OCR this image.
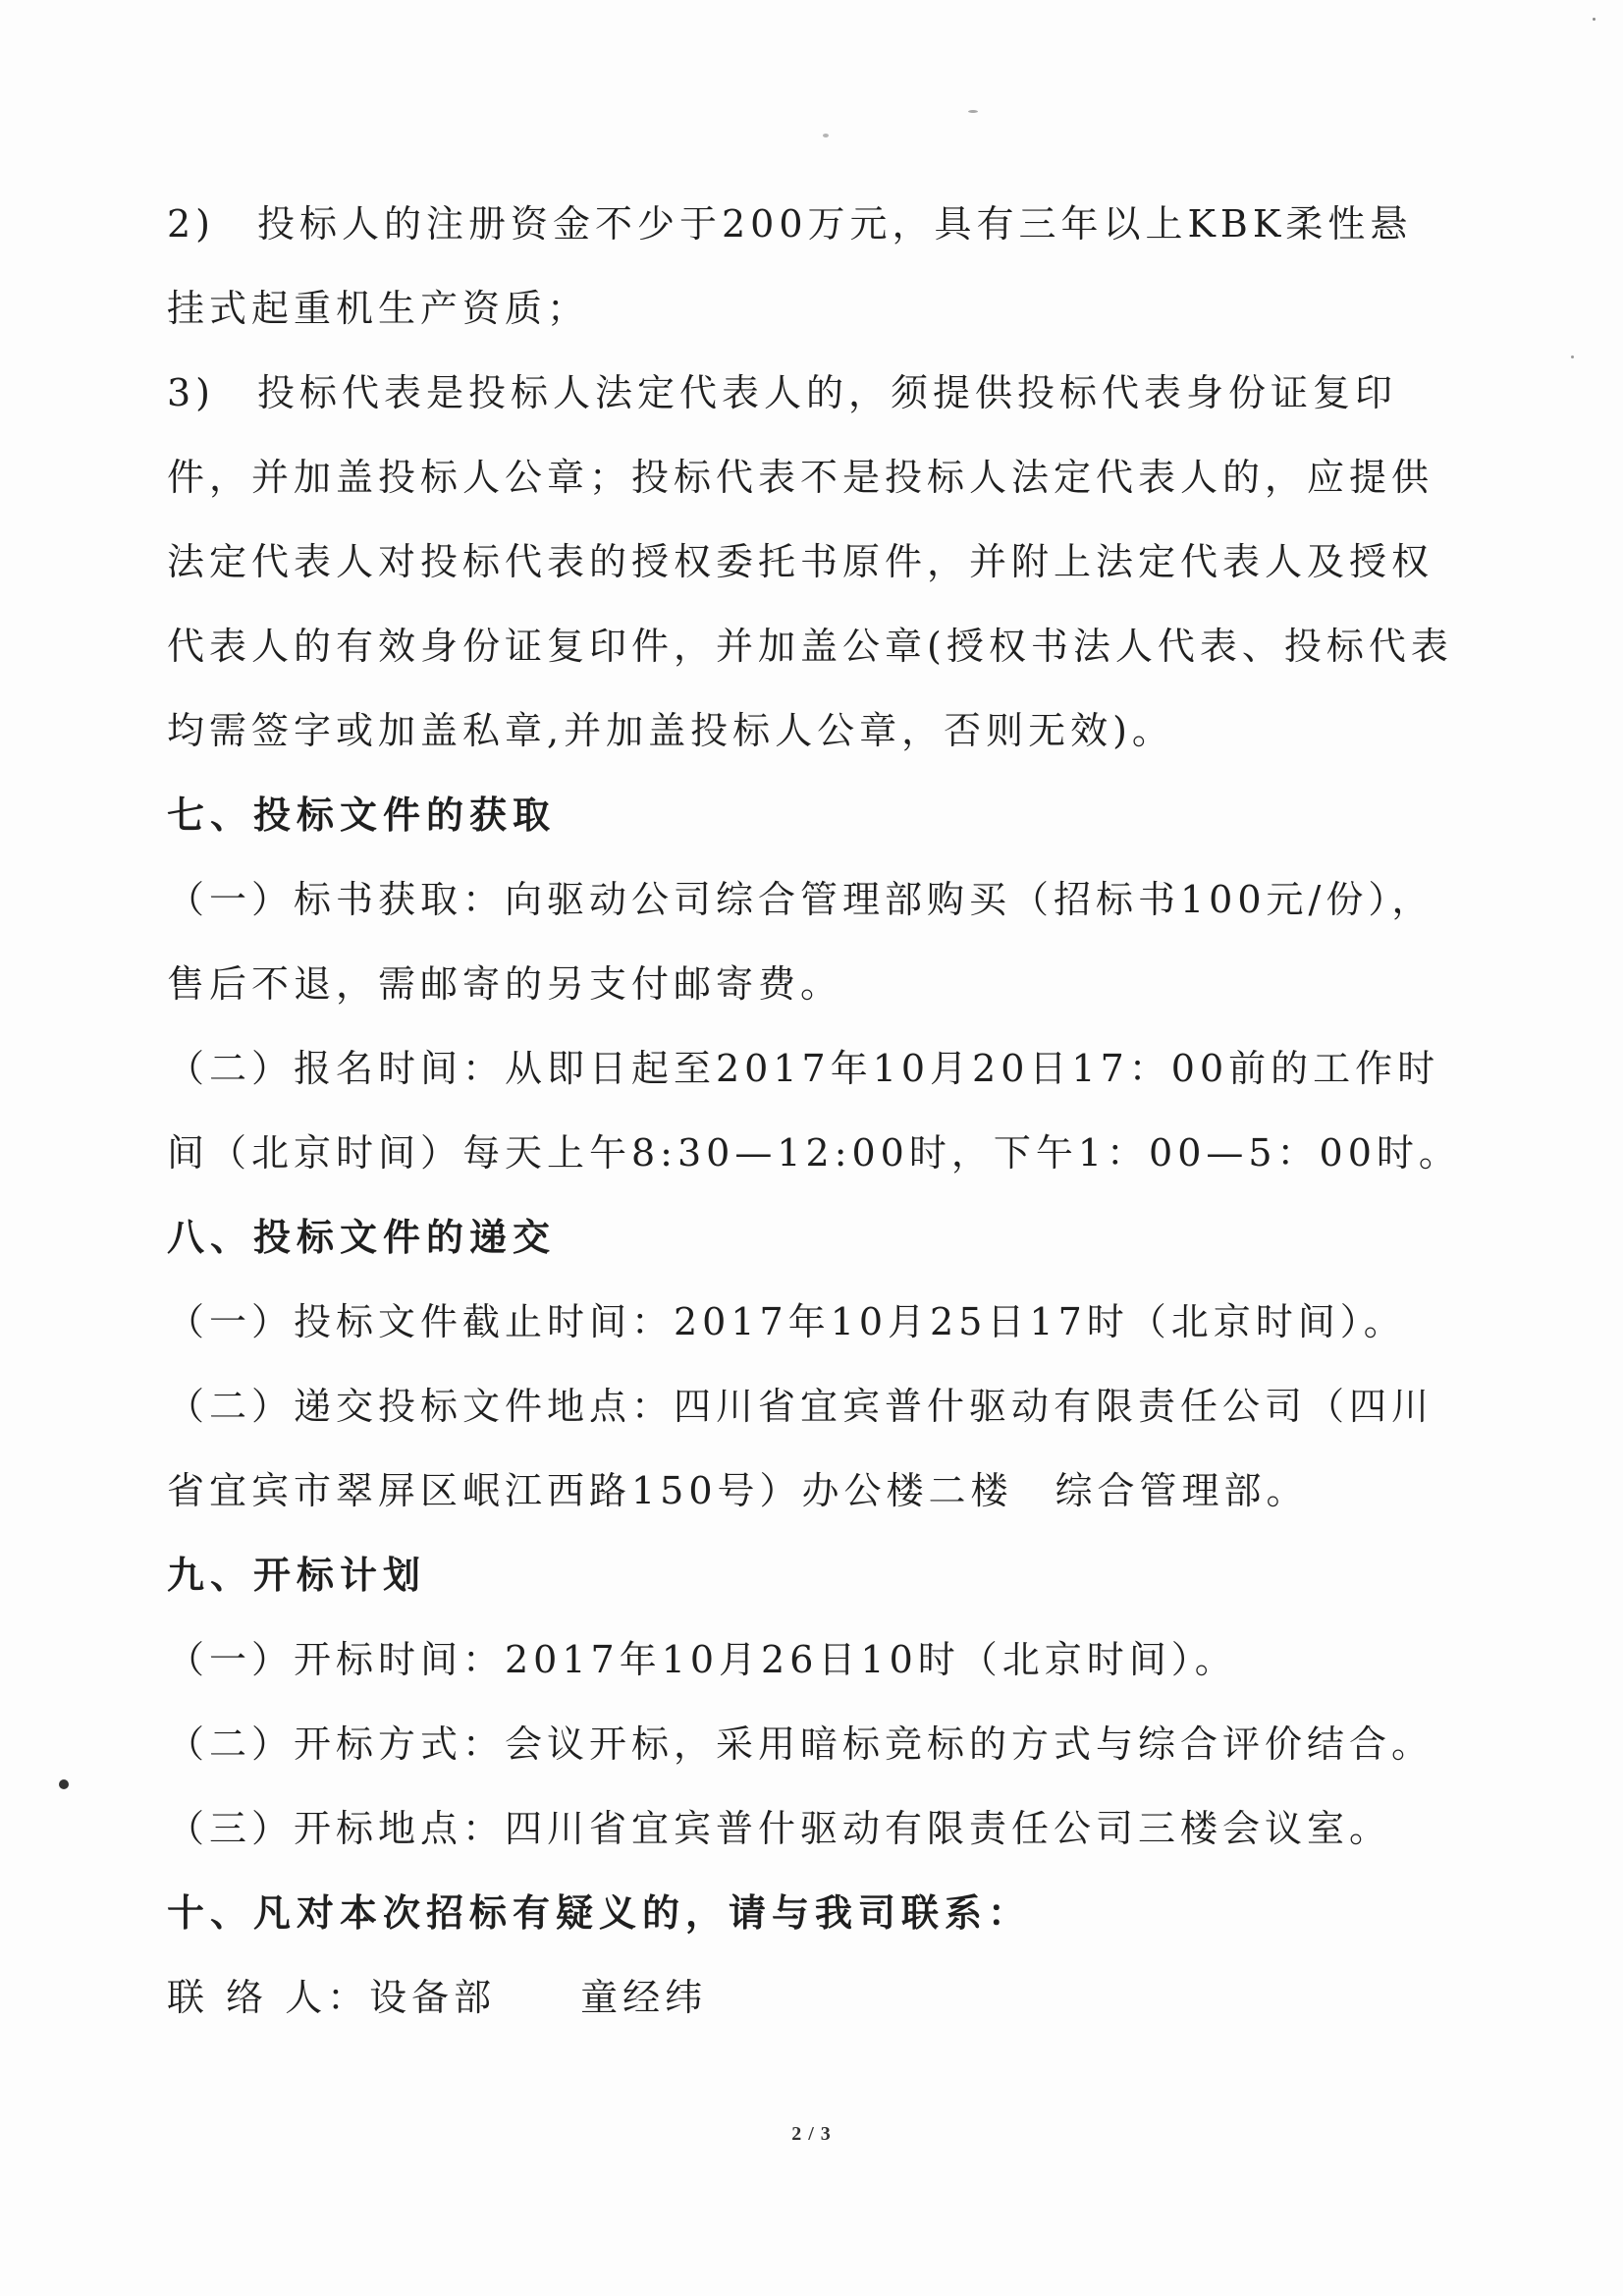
2)　投标人的注册资金不少于200万元，具有三年以上KBK柔性悬
挂式起重机生产资质；
3)　投标代表是投标人法定代表人的，须提供投标代表身份证复印
件，并加盖投标人公章；投标代表不是投标人法定代表人的，应提供
法定代表人对投标代表的授权委托书原件，并附上法定代表人及授权
代表人的有效身份证复印件，并加盖公章(授权书法人代表、投标代表
均需签字或加盖私章,并加盖投标人公章，否则无效)。
七、投标文件的获取
（一）标书获取：向驱动公司综合管理部购买（招标书100元/份），
售后不退，需邮寄的另支付邮寄费。
（二）报名时间：从即日起至2017年10月20日17：00前的工作时
间（北京时间）每天上午8:30—12:00时，下午1：00—5：00时。
八、投标文件的递交
（一）投标文件截止时间：2017年10月25日17时（北京时间）。
（二）递交投标文件地点：四川省宜宾普什驱动有限责任公司（四川
省宜宾市翠屏区岷江西路150号）办公楼二楼　综合管理部。
九、开标计划
（一）开标时间：2017年10月26日10时（北京时间）。
（二）开标方式：会议开标，采用暗标竞标的方式与综合评价结合。
（三）开标地点：四川省宜宾普什驱动有限责任公司三楼会议室。
十、凡对本次招标有疑义的，请与我司联系：
联 络 人：设备部　　童经纬
2 / 3
